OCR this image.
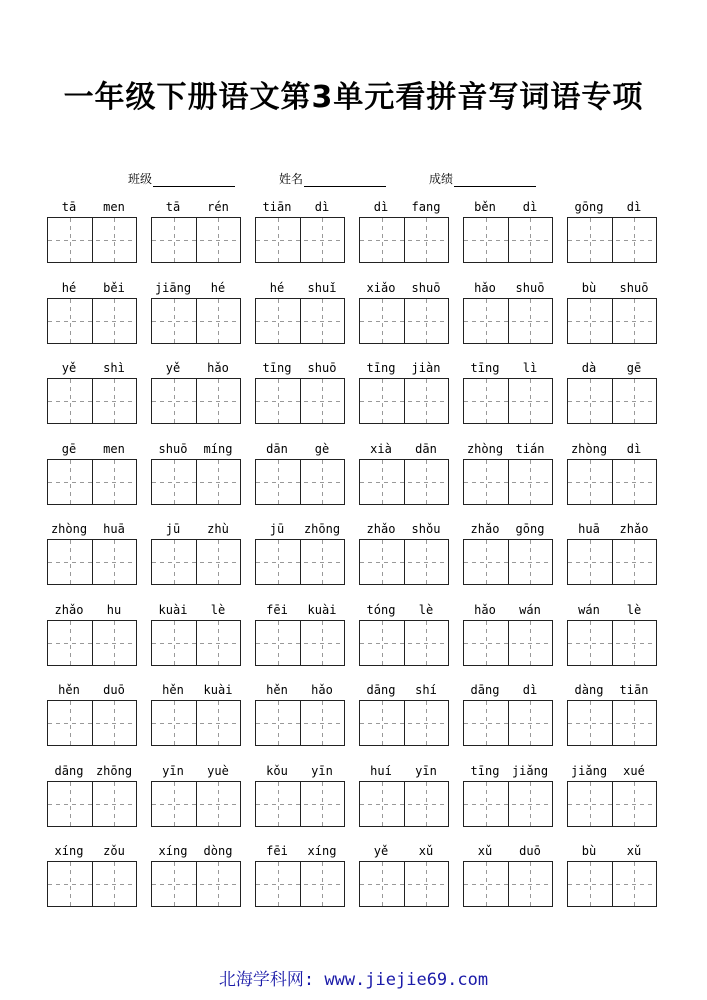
一年级下册语文第3单元看拼音写词语专项
班级	姓名	成绩
tā	men	tā	rén	tiān	dì	dì	fang	běn	dì	gōng	dì
hé	běi	jiāng	hé	hé	shuǐ	xiǎo	shuō	hǎo	shuō	bù	shuō
yě	shì	yě	hǎo	tīng	shuō	tīng	jiàn	tīng	lì	dà	gē
gē	men	shuō	míng	dān	gè	xià	dān	zhòng	tián	zhòng	dì
zhòng	huā	jū	zhù	jū	zhōng	zhǎo	shǒu	zhǎo	gōng	huā	zhǎo
zhǎo	hu	kuài	lè	fēi	kuài	tóng	lè	hǎo	wán	wán	lè
hěn	duō	hěn	kuài	hěn	hǎo	dāng	shí	dāng	dì	dàng	tiān
dāng	zhōng	yīn	yuè	kǒu	yīn	huí	yīn	tīng	jiǎng	jiǎng	xué
xíng	zǒu	xíng	dòng	fēi	xíng	yě	xǔ	xǔ	duō	bù	xǔ
北海学科网: www.jiejie69.com
